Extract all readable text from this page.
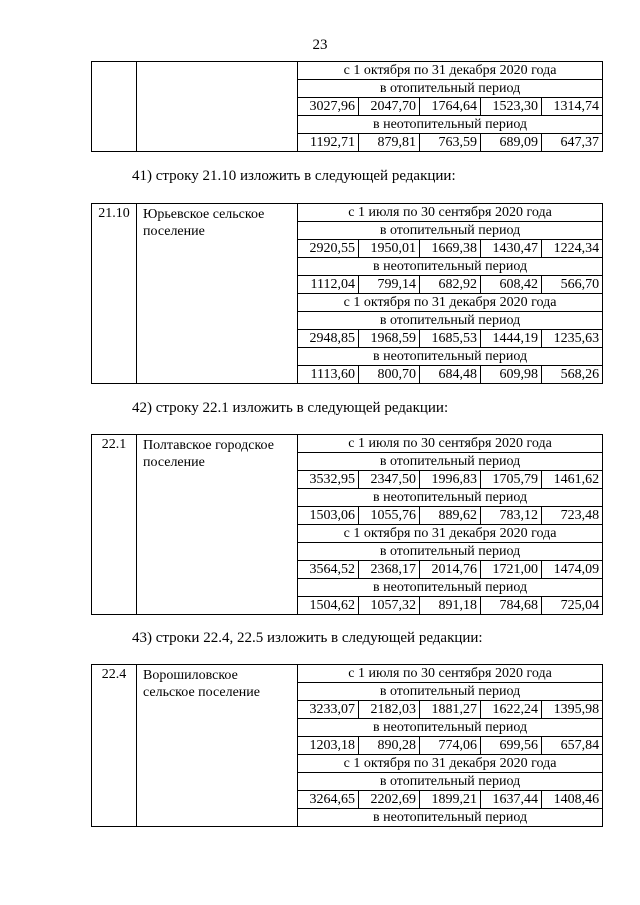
23
		с 1 октября по 31 декабря 2020 года				
		в отопительный период				
		3027,96	2047,70	1764,64	1523,30	1314,74
		в неотопительный период				
		1192,71	879,81	763,59	689,09	647,37
41) строку 21.10 изложить в следующей редакции:
21.10	Юрьевское сельское поселение	с 1 июля по 30 сентября 2020 года				
		в отопительный период				
		2920,55	1950,01	1669,38	1430,47	1224,34
		в неотопительный период				
		1112,04	799,14	682,92	608,42	566,70
		с 1 октября по 31 декабря 2020 года				
		в отопительный период				
		2948,85	1968,59	1685,53	1444,19	1235,63
		в неотопительный период				
		1113,60	800,70	684,48	609,98	568,26
42) строку 22.1 изложить в следующей редакции:
22.1	Полтавское городское поселение	с 1 июля по 30 сентября 2020 года				
		в отопительный период				
		3532,95	2347,50	1996,83	1705,79	1461,62
		в неотопительный период				
		1503,06	1055,76	889,62	783,12	723,48
		с 1 октября по 31 декабря 2020 года				
		в отопительный период				
		3564,52	2368,17	2014,76	1721,00	1474,09
		в неотопительный период				
		1504,62	1057,32	891,18	784,68	725,04
43) строки 22.4, 22.5 изложить в следующей редакции:
22.4	Ворошиловское сельское поселение	с 1 июля по 30 сентября 2020 года				
		в отопительный период				
		3233,07	2182,03	1881,27	1622,24	1395,98
		в неотопительный период				
		1203,18	890,28	774,06	699,56	657,84
		с 1 октября по 31 декабря 2020 года				
		в отопительный период				
		3264,65	2202,69	1899,21	1637,44	1408,46
		в неотопительный период				
